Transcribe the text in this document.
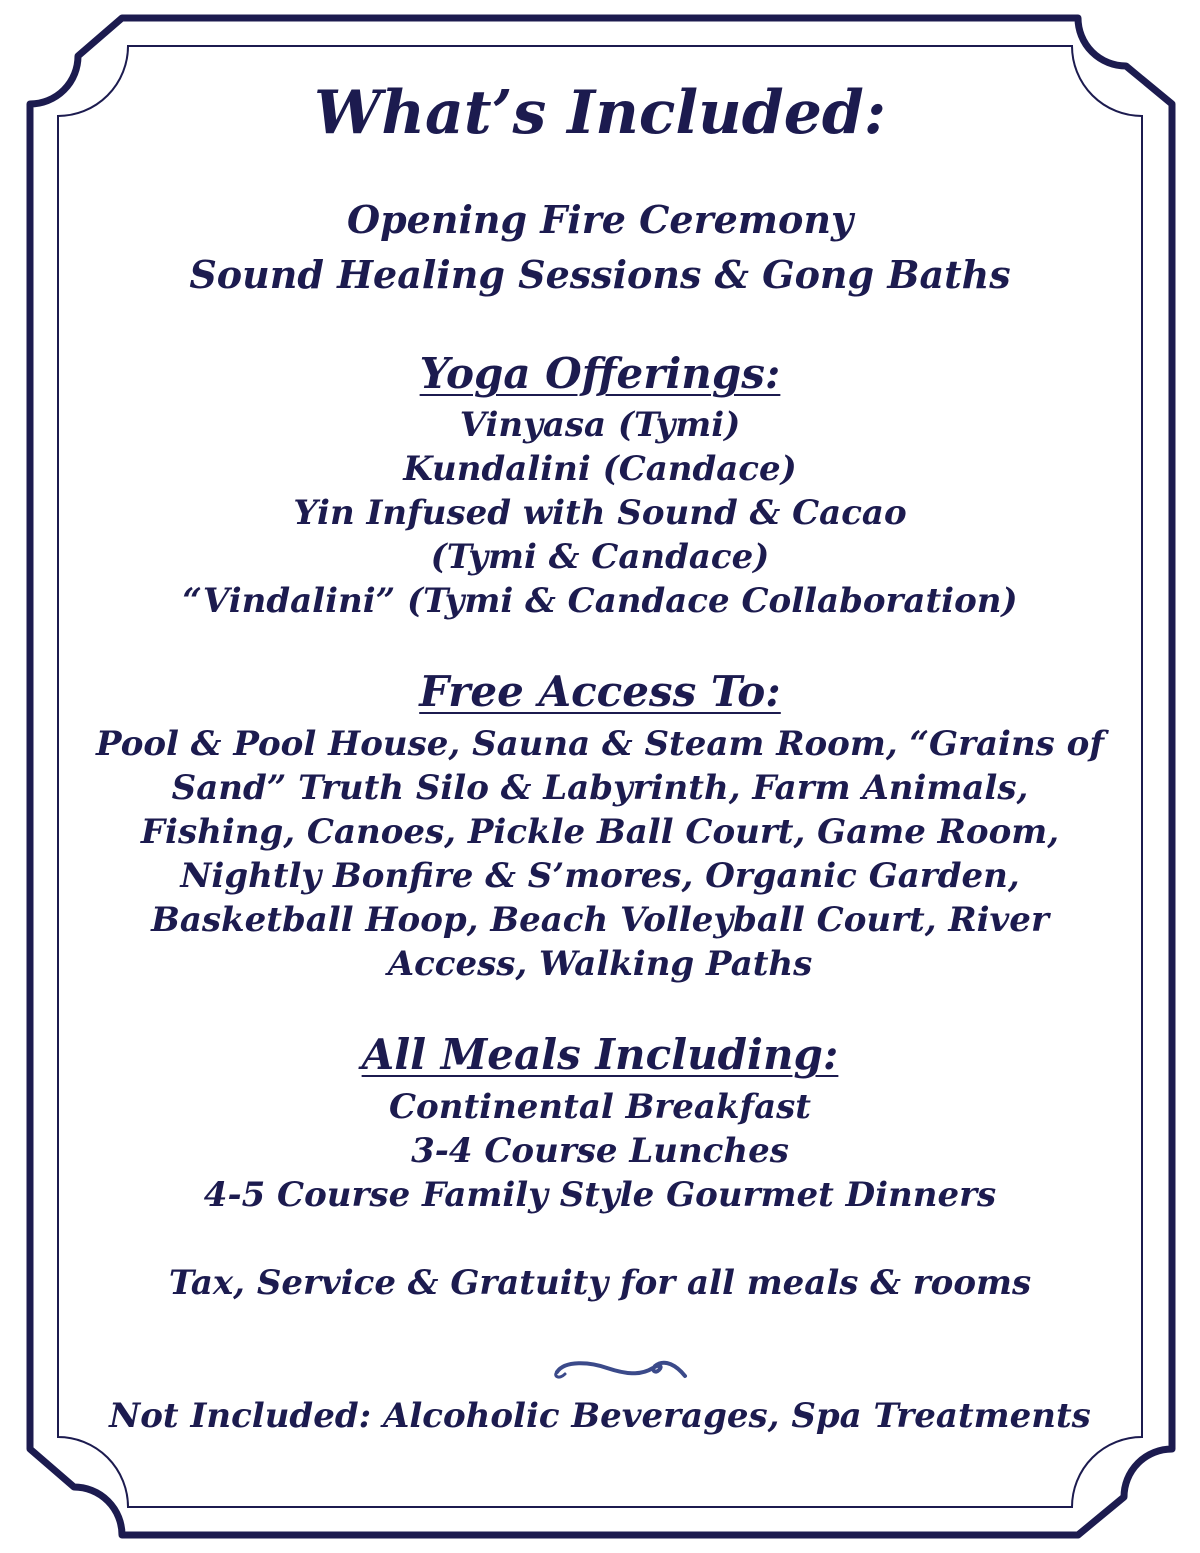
What’s Included:
Opening Fire Ceremony
Sound Healing Sessions & Gong Baths
Yoga Offerings:
Vinyasa (Tymi)
Kundalini (Candace)
Yin Infused with Sound & Cacao
(Tymi & Candace)
“Vindalini” (Tymi & Candace Collaboration)
Free Access To:
Pool & Pool House, Sauna & Steam Room, “Grains of
Sand” Truth Silo & Labyrinth, Farm Animals,
Fishing, Canoes, Pickle Ball Court, Game Room,
Nightly Bonfire & S’mores, Organic Garden,
Basketball Hoop, Beach Volleyball Court, River
Access, Walking Paths
All Meals Including:
Continental Breakfast
3-4 Course Lunches
4-5 Course Family Style Gourmet Dinners
Tax, Service & Gratuity for all meals & rooms
Not Included: Alcoholic Beverages, Spa Treatments
